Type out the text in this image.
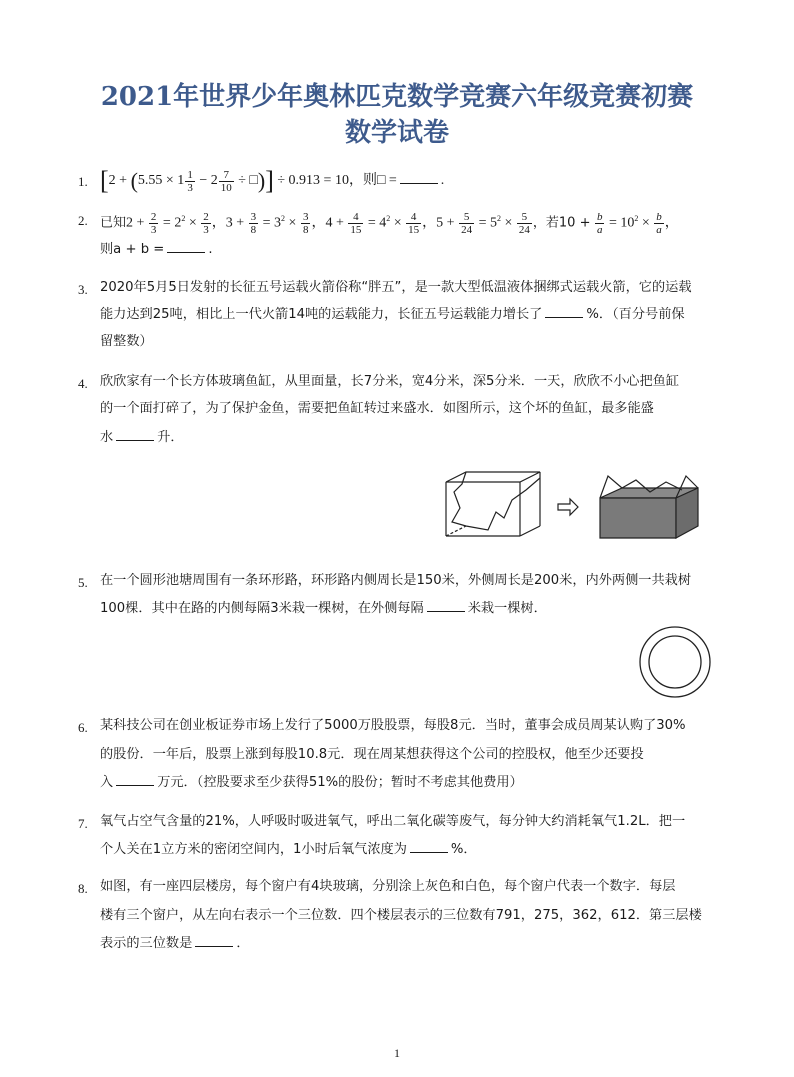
2021年世界少年奥林匹克数学竞赛六年级竞赛初赛
数学试卷
1. [$2 + (5.55 \times 1 \frac{1}{3} - 2 \frac{7}{10}$ ÷ □)] ÷ 0.913 = 10，则□ =	.
2. 已知$2 + \frac{2}{3} = 2^2 \times \frac{2}{3}$ ，$3 + \frac{3}{8} = 3^2 \times \frac{3}{8}$ ，$4 + \frac{4}{15} = 4^2 \times \frac{4}{15}$ ，$5 + \frac{5}{24} = 5^2 \times \frac{5}{24}$ ，若$10 + \frac{b}{a} = 10^2 \times \frac{b}{a}$ ，
则a + b =	.
3. 2020年5月5日发射的长征五号运载火箭俗称“胖五”，是一款大型低温液体捆绑式运载火箭，它的运载
能力达到25吨，相比上一代火箭14吨的运载能力，长征五号运载能力增长了	%．（百分号前保
留整数）
4. 欣欣家有一个长方体玻璃鱼缸，从里面量，长7分米，宽4分米，深5分米．一天，欣欣不小心把鱼缸
的一个面打碎了，为了保护金鱼，需要把鱼缸转过来盛水．如图所示，这个坏的鱼缸，最多能盛
水	升．
5. 在一个圆形池塘周围有一条环形路，环形路内侧周长是150米，外侧周长是200米，内外两侧一共栽树
100棵．其中在路的内侧每隔3米栽一棵树，在外侧每隔	米栽一棵树．
6. 某科技公司在创业板证券市场上发行了5000万股股票，每股8元．当时，董事会成员周某认购了30%
的股份．一年后，股票上涨到每股10.8元．现在周某想获得这个公司的控股权，他至少还要投
入	万元．（控股要求至少获得51%的股份；暂时不考虑其他费用）
7. 氧气占空气含量的21%，人呼吸时吸进氧气，呼出二氧化碳等废气，每分钟大约消耗氧气1.2L．把一
个人关在1立方米的密闭空间内，1小时后氧气浓度为	%．
8. 如图，有一座四层楼房，每个窗户有4块玻璃，分别涂上灰色和白色，每个窗户代表一个数字．每层
楼有三个窗户，从左向右表示一个三位数．四个楼层表示的三位数有791，275，362，612．第三层楼
表示的三位数是	．
1
